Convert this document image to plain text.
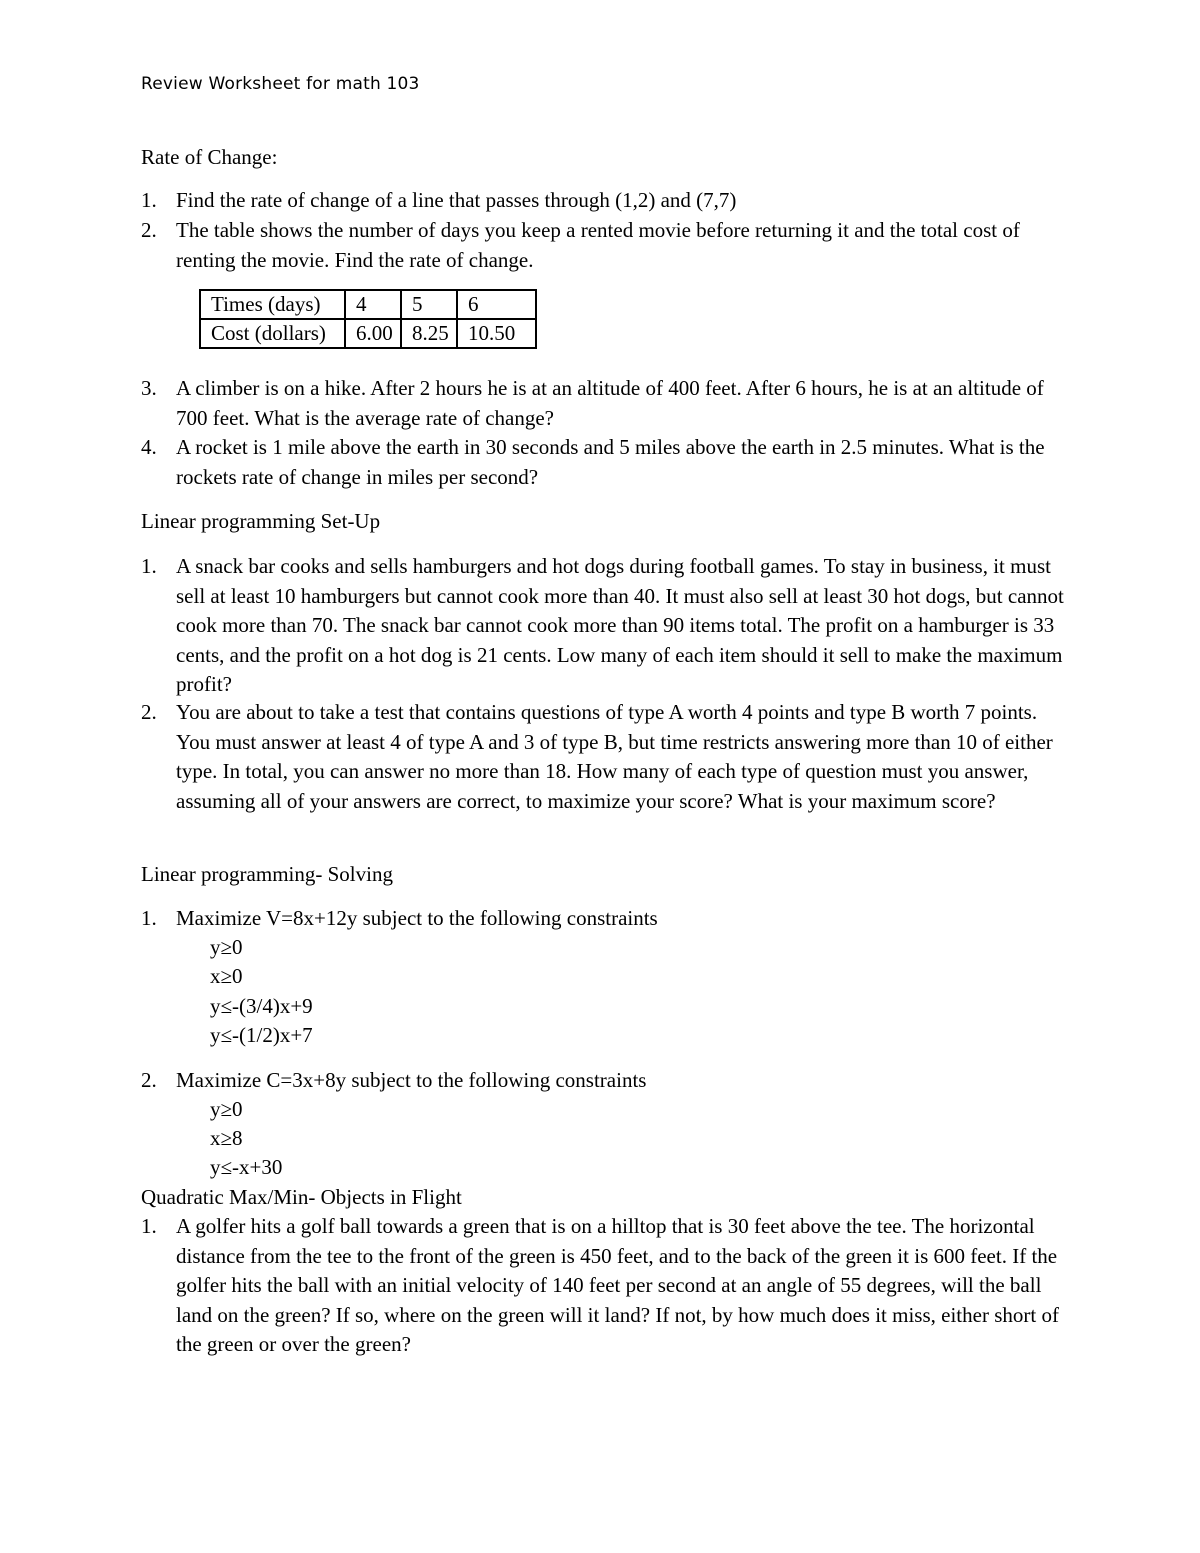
Review Worksheet for math 103
Rate of Change:
1. Find the rate of change of a line that passes through (1,2) and (7,7)
2. The table shows the number of days you keep a rented movie before returning it and the total cost of renting the movie. Find the rate of change.
Times (days)	4	5	6
Cost (dollars)	6.00	8.25	10.50
3. A climber is on a hike. After 2 hours he is at an altitude of 400 feet. After 6 hours, he is at an altitude of 700 feet. What is the average rate of change?
4. A rocket is 1 mile above the earth in 30 seconds and 5 miles above the earth in 2.5 minutes. What is the rockets rate of change in miles per second?
Linear programming Set-Up
1. A snack bar cooks and sells hamburgers and hot dogs during football games. To stay in business, it must sell at least 10 hamburgers but cannot cook more than 40. It must also sell at least 30 hot dogs, but cannot cook more than 70. The snack bar cannot cook more than 90 items total. The profit on a hamburger is 33 cents, and the profit on a hot dog is 21 cents. Low many of each item should it sell to make the maximum profit?
2. You are about to take a test that contains questions of type A worth 4 points and type B worth 7 points. You must answer at least 4 of type A and 3 of type B, but time restricts answering more than 10 of either type. In total, you can answer no more than 18. How many of each type of question must you answer, assuming all of your answers are correct, to maximize your score? What is your maximum score?
Linear programming- Solving
1. Maximize V=8x+12y subject to the following constraints
y≥0
x≥0
y≤-(3/4)x+9
y≤-(1/2)x+7
2. Maximize C=3x+8y subject to the following constraints
y≥0
x≥8
y≤-x+30
Quadratic Max/Min- Objects in Flight
1. A golfer hits a golf ball towards a green that is on a hilltop that is 30 feet above the tee. The horizontal distance from the tee to the front of the green is 450 feet, and to the back of the green it is 600 feet. If the golfer hits the ball with an initial velocity of 140 feet per second at an angle of 55 degrees, will the ball land on the green? If so, where on the green will it land? If not, by how much does it miss, either short of the green or over the green?
